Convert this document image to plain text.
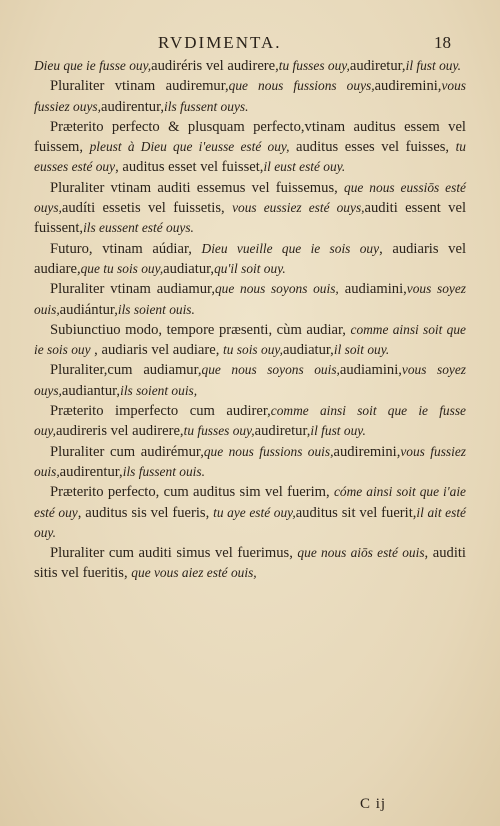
RVDIMENTA.	18

Dieu que ie fusse ouy,audiréris vel audirere,tu fusses ouy,audiretur,il fust ouy.

Pluraliter vtinam audiremur,que nous fussions ouys,audiremini,vous fussiez ouys,audirentur,ils fussent ouys.

Præterito perfecto & plusquam perfecto,vtinam auditus essem vel fuissem, pleust à Dieu que i'eusse esté ouy, auditus esses vel fuisses, tu eusses esté ouy, auditus esset vel fuisset,il eust esté ouy.

Pluraliter vtinam auditi essemus vel fuissemus, que nous eussiōs esté ouys,audíti essetis vel fuissetis, vous eussiez esté ouys,auditi essent vel fuissent,ils eussent esté ouys.

Futuro, vtinam aúdiar, Dieu vueille que ie sois ouy, audiaris vel audiare,que tu sois ouy,audiatur,qu'il soit ouy.

Pluraliter vtinam audiamur,que nous soyons ouis, audiamini,vous soyez ouis,audiántur,ils soient ouis.

Subiunctiuo modo, tempore præsenti, cùm audiar, comme ainsi soit que ie sois ouy , audiaris vel audiare, tu sois ouy,audiatur,il soit ouy.

Pluraliter,cum audiamur,que nous soyons ouis,audiamini,vous soyez ouys,audiantur,ils soient ouis,

Præterito imperfecto cum audirer,comme ainsi soit que ie fusse ouy,audireris vel audirere,tu fusses ouy,audiretur,il fust ouy.

Pluraliter cum audirémur,que nous fussions ouis,audiremini,vous fussiez ouis,audirentur,ils fussent ouis.

Præterito perfecto, cum auditus sim vel fuerim, cóme ainsi soit que i'aie esté ouy, auditus sis vel fueris, tu aye esté ouy,auditus sit vel fuerit,il ait esté ouy.

Pluraliter cum auditi simus vel fuerimus, que nous aiōs esté ouis, auditi sitis vel fueritis, que vous aiez esté ouis,

C ij
